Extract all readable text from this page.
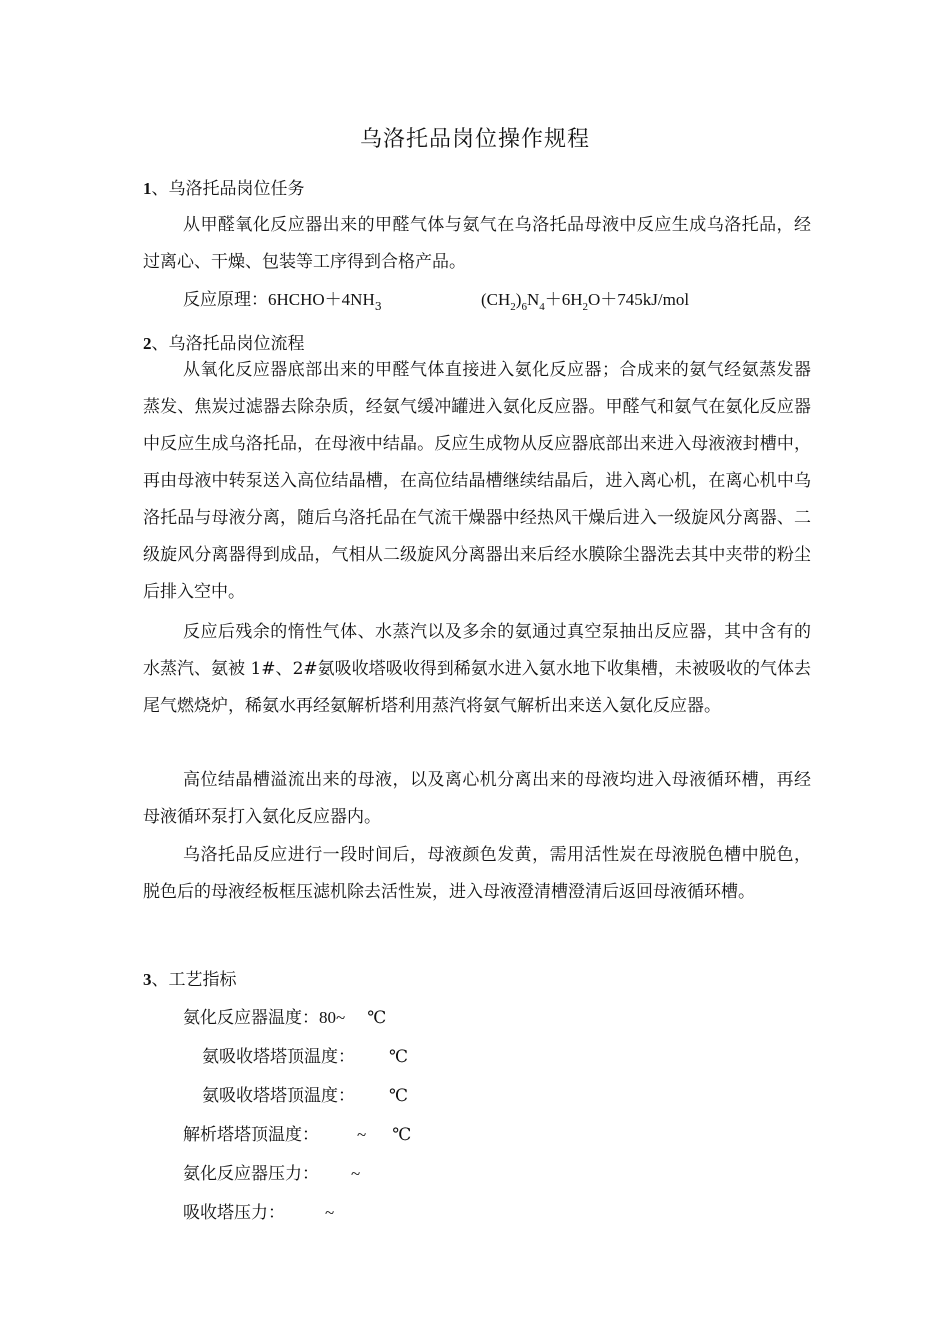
乌洛托品岗位操作规程
1、乌洛托品岗位任务

从甲醛氧化反应器出来的甲醛气体与氨气在乌洛托品母液中反应生成乌洛托品，经过离心、干燥、包装等工序得到合格产品。

反应原理：$6HCHO+4NH_3$	$(CH_2)_6N_4+6H_2O+745kJ$/mol
2、乌洛托品岗位流程

从氧化反应器底部出来的甲醛气体直接进入氨化反应器；合成来的氨气经氨蒸发器蒸发、焦炭过滤器去除杂质，经氨气缓冲罐进入氨化反应器。甲醛气和氨气在氨化反应器中反应生成乌洛托品，在母液中结晶。反应生成物从反应器底部出来进入母液液封槽中，再由母液中转泵送入高位结晶槽，在高位结晶槽继续结晶后，进入离心机，在离心机中乌洛托品与母液分离，随后乌洛托品在气流干燥器中经热风干燥后进入一级旋风分离器、二级旋风分离器得到成品，气相从二级旋风分离器出来后经水膜除尘器洗去其中夹带的粉尘后排入空中。

反应后残余的惰性气体、水蒸汽以及多余的氨通过真空泵抽出反应器，其中含有的水蒸汽、氨被 1#、2#氨吸收塔吸收得到稀氨水进入氨水地下收集槽，未被吸收的气体去尾气燃烧炉，稀氨水再经氨解析塔利用蒸汽将氨气解析出来送入氨化反应器。

高位结晶槽溢流出来的母液，以及离心机分离出来的母液均进入母液循环槽，再经母液循环泵打入氨化反应器内。

乌洛托品反应进行一段时间后，母液颜色发黄，需用活性炭在母液脱色槽中脱色，脱色后的母液经板框压滤机除去活性炭，进入母液澄清槽澄清后返回母液循环槽。

3、工艺指标
氨化反应器温度：80~ ℃
氨吸收塔塔顶温度： ℃
氨吸收塔塔顶温度： ℃
解析塔塔顶温度： ~ ℃
氨化反应器压力： ~
吸收塔压力： ~
